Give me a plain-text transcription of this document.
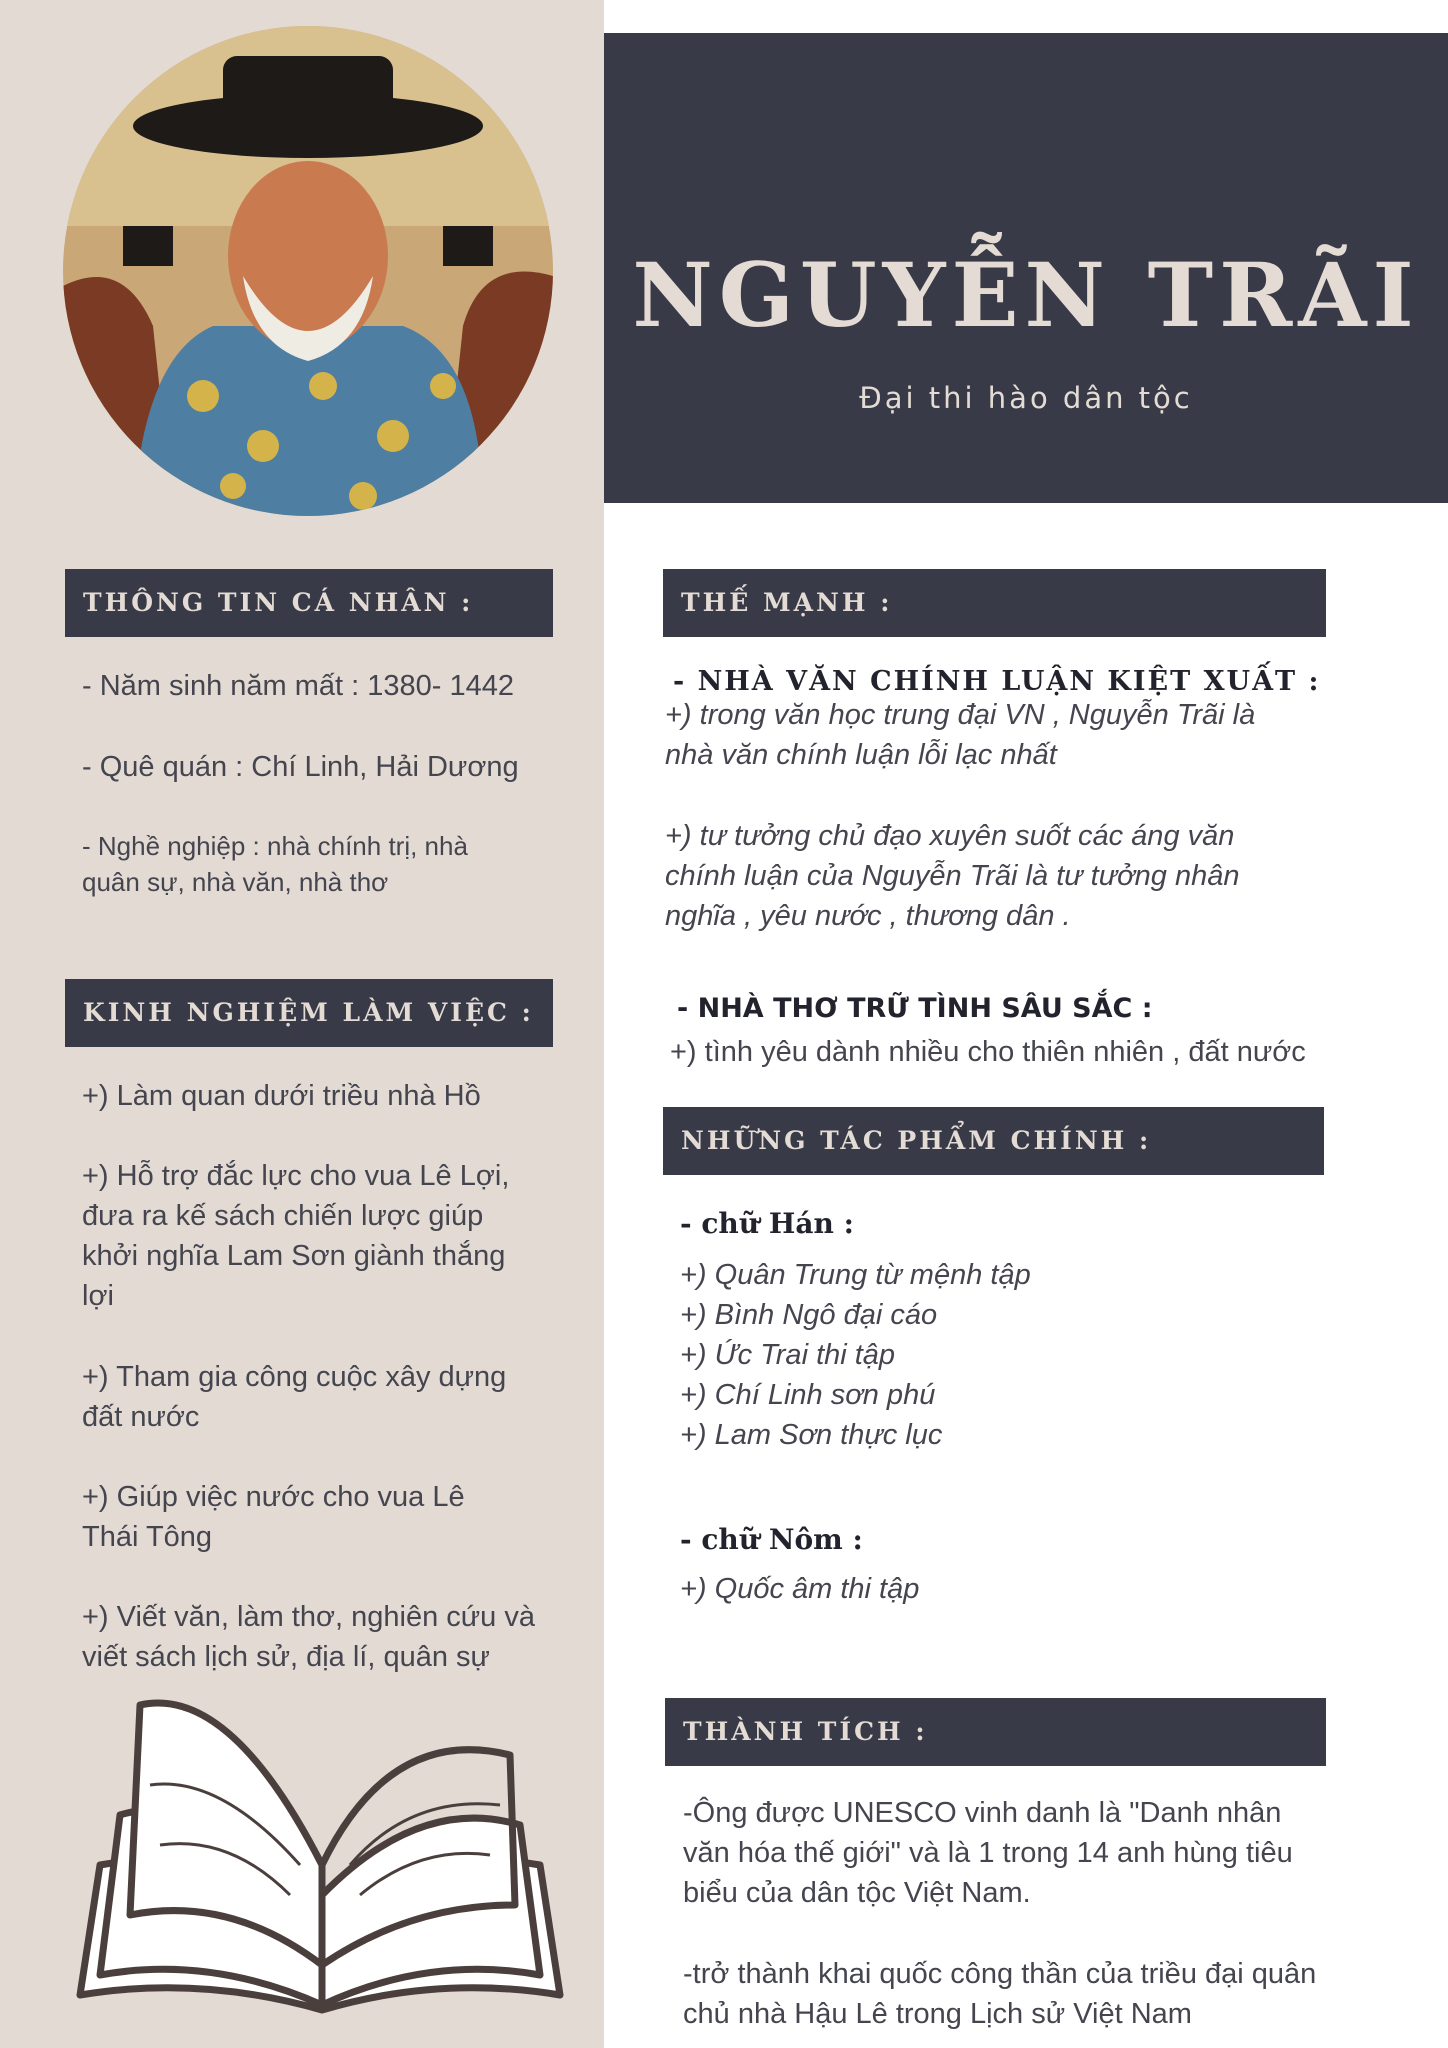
NGUYỄN TRÃI
Đại thi hào dân tộc
THÔNG TIN CÁ NHÂN :
- Năm sinh năm mất : 1380- 1442
- Quê quán : Chí Linh, Hải Dương
- Nghề nghiệp : nhà chính trị, nhà quân sự, nhà văn, nhà thơ
KINH NGHIỆM LÀM VIỆC :
+) Làm quan dưới triều nhà Hồ
+) Hỗ trợ đắc lực cho vua Lê Lợi, đưa ra kế sách chiến lược giúp khởi nghĩa Lam Sơn giành thắng lợi
+) Tham gia công cuộc xây dựng đất nước
+) Giúp việc nước cho vua Lê Thái Tông
+) Viết văn, làm thơ, nghiên cứu và viết sách lịch sử, địa lí, quân sự
THẾ MẠNH :
- NHÀ VĂN CHÍNH LUẬN KIỆT XUẤT :
+) trong văn học trung đại VN , Nguyễn Trãi là nhà văn chính luận lỗi lạc nhất
+) tư tưởng chủ đạo xuyên suốt các áng văn chính luận của Nguyễn Trãi là tư tưởng nhân nghĩa , yêu nước , thương dân .
- NHÀ THƠ TRỮ TÌNH SÂU SẮC :
+) tình yêu dành nhiều cho thiên nhiên , đất nước
NHỮNG TÁC PHẨM CHÍNH :
- chữ Hán :
+) Quân Trung từ mệnh tập
+) Bình Ngô đại cáo
+) Ức Trai thi tập
+) Chí Linh sơn phú
+) Lam Sơn thực lục
- chữ Nôm :
+) Quốc âm thi tập
THÀNH TÍCH :
-Ông được UNESCO vinh danh là "Danh nhân văn hóa thế giới" và là 1 trong 14 anh hùng tiêu biểu của dân tộc Việt Nam.
-trở thành khai quốc công thần của triều đại quân chủ nhà Hậu Lê trong Lịch sử Việt Nam
